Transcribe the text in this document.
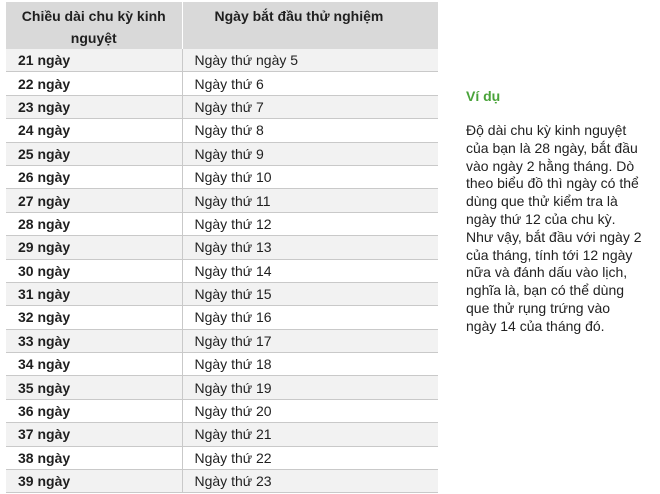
Chiều dài chu kỳ kinh nguyệt	Ngày bắt đầu thử nghiệm
21 ngày	Ngày thứ ngày 5
22 ngày	Ngày thứ 6
23 ngày	Ngày thứ 7
24 ngày	Ngày thứ 8
25 ngày	Ngày thứ 9
26 ngày	Ngày thứ 10
27 ngày	Ngày thứ 11
28 ngày	Ngày thứ 12
29 ngày	Ngày thứ 13
30 ngày	Ngày thứ 14
31 ngày	Ngày thứ 15
32 ngày	Ngày thứ 16
33 ngày	Ngày thứ 17
34 ngày	Ngày thứ 18
35 ngày	Ngày thứ 19
36 ngày	Ngày thứ 20
37 ngày	Ngày thứ 21
38 ngày	Ngày thứ 22
39 ngày	Ngày thứ 23

Ví dụ

Độ dài chu kỳ kinh nguyệt của bạn là 28 ngày, bắt đầu vào ngày 2 hằng tháng. Dò theo biểu đồ thì ngày có thể dùng que thử kiểm tra là ngày thứ 12 của chu kỳ. Như vậy, bắt đầu với ngày 2 của tháng, tính tới 12 ngày nữa và đánh dấu vào lịch, nghĩa là, bạn có thể dùng que thử rụng trứng vào ngày 14 của tháng đó.
